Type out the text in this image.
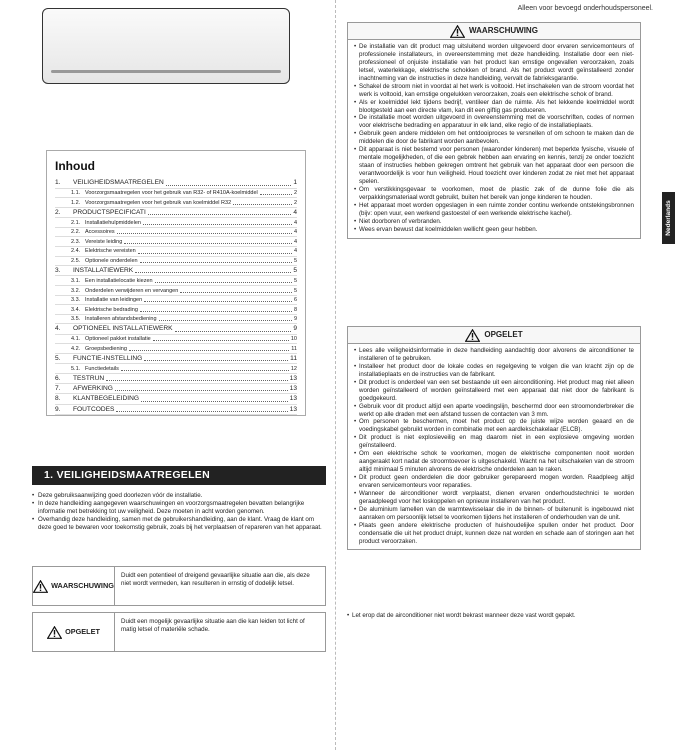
Alleen voor bevoegd onderhoudspersoneel.
Inhoud
1.	VEILIGHEIDSMAATREGELEN	1
1.1. Voorzorgsmaatregelen voor het gebruik van R32- of R410A-koelmiddel	2
1.2. Voorzorgsmaatregelen voor het gebruik van koelmiddel R32	2
2.	PRODUCTSPECIFICATI	4
2.1. Installatiehulpmiddelen	4
2.2. Accessoires	4
2.3. Vereiste leiding	4
2.4. Elektrische vereisten	4
2.5. Optionele onderdelen	5
3.	INSTALLATIEWERK	5
3.1. Een installatielocatie kiezen	5
3.2. Onderdelen verwijderen en vervangen	5
3.3. Installatie van leidingen	6
3.4. Elektrische bedrading	8
3.5. Installeren afstandsbediening	9
4.	OPTIONEEL INSTALLATIEWERK	9
4.1. Optioneel pakket installatie	10
4.2. Groepsbediening	11
5.	FUNCTIE-INSTELLING	11
5.1. Functiedetails	12
6.	TESTRUN	13
7.	AFWERKING	13
8.	KLANTBEGELEIDING	13
9.	FOUTCODES	13
1. VEILIGHEIDSMAATREGELEN
• Deze gebruiksaanwijzing goed doorlezen vóór de installatie.
• In deze handleiding aangegeven waarschuwingen en voorzorgsmaatregelen bevatten belangrijke informatie met betrekking tot uw veiligheid. Deze moeten in acht worden genomen.
• Overhandig deze handleiding, samen met de gebruikershandleiding, aan de klant. Vraag de klant om deze goed te bewaren voor toekomstig gebruik, zoals bij het verplaatsen of repareren van het apparaat.
WAARSCHUWING
Duidt een potentieel of dreigend gevaarlijke situatie aan die, als deze niet wordt vermeden, kan resulteren in ernstig of dodelijk letsel.
OPGELET
Duidt een mogelijk gevaarlijke situatie aan die kan leiden tot licht of matig letsel of materiële schade.
WAARSCHUWING
• De installatie van dit product mag uitsluitend worden uitgevoerd door ervaren servicemonteurs of professionele installateurs, in overeenstemming met deze handleiding. Installatie door een niet-professioneel of onjuiste installatie van het product kan ernstige ongevallen veroorzaken, zoals letsel, waterlekkage, elektrische schokken of brand. Als het product wordt geïnstalleerd zonder inachtneming van de instructies in deze handleiding, vervalt de fabrieksgarantie.
• Schakel de stroom niet in voordat al het werk is voltooid. Het inschakelen van de stroom voordat het werk is voltooid, kan ernstige ongelukken veroorzaken, zoals een elektrische schok of brand.
• Als er koelmiddel lekt tijdens bedrijf, ventileer dan de ruimte. Als het lekkende koelmiddel wordt blootgesteld aan een directe vlam, kan dit een giftig gas produceren.
• De installatie moet worden uitgevoerd in overeenstemming met de voorschriften, codes of normen voor elektrische bedrading en apparatuur in elk land, elke regio of de installatieplaats.
• Gebruik geen andere middelen om het ontdooiproces te versnellen of om schoon te maken dan de middelen die door de fabrikant worden aanbevolen.
• Dit apparaat is niet bestemd voor personen (waaronder kinderen) met beperkte fysische, visuele of mentale mogelijkheden, of die een gebrek hebben aan ervaring en kennis, tenzij ze onder toezicht staan of instructies hebben gekregen omtrent het gebruik van het apparaat door een persoon die verantwoordelijk is voor hun veiligheid. Houd toezicht over kinderen zodat ze niet met het apparaat spelen.
• Om verstikkingsgevaar te voorkomen, moet de plastic zak of de dunne folie die als verpakkingsmateriaal wordt gebruikt, buiten het bereik van jonge kinderen te houden.
• Het apparaat moet worden opgeslagen in een ruimte zonder continu werkende ontstekingsbronnen (bijv: open vuur, een werkend gastoestel of een werkende elektrische kachel).
• Niet doorboren of verbranden.
• Wees ervan bewust dat koelmiddelen wellicht geen geur hebben.
OPGELET
• Lees alle veiligheidsinformatie in deze handleiding aandachtig door alvorens de airconditioner te installeren of te gebruiken.
• Installeer het product door de lokale codes en regelgeving te volgen die van kracht zijn op de installatieplaats en de instructies van de fabrikant.
• Dit product is onderdeel van een set bestaande uit een airconditioning. Het product mag niet alleen worden geïnstalleerd of worden geïnstalleerd met een apparaat dat niet door de fabrikant is goedgekeurd.
• Gebruik voor dit product altijd een aparte voedingslijn, beschermd door een stroomonderbreker die werkt op alle draden met een afstand tussen de contacten van 3 mm.
• Om personen te beschermen, moet het product op de juiste wijze worden geaard en de voedingskabel gebruikt worden in combinatie met een aardlekschakelaar (ELCB).
• Dit product is niet explosieveilig en mag daarom niet in een explosieve omgeving worden geïnstalleerd.
• Om een elektrische schok te voorkomen, mogen de elektrische componenten nooit worden aangeraakt kort nadat de stroomtoevoer is uitgeschakeld. Wacht na het uitschakelen van de stroom altijd minimaal 5 minuten alvorens de elektrische onderdelen aan te raken.
• Dit product geen onderdelen die door gebruiker gerepareerd mogen worden. Raadpleeg altijd ervaren servicemonteurs voor reparaties.
• Wanneer de airconditioner wordt verplaatst, dienen ervaren onderhoudstechnici te worden geraadpleegd voor het loskoppelen en opnieuw installeren van het product.
• De aluminium lamellen van de warmtewisselaar die in de binnen- of buitenunit is ingebouwd niet aanraken om persoonlijk letsel te voorkomen tijdens het installeren of onderhouden van de unit.
• Plaats geen andere elektrische producten of huishoudelijke spullen onder het product. Door condensatie die uit het product druipt, kunnen deze nat worden en schade aan of storingen aan het product veroorzaken.
• Let erop dat de airconditioner niet wordt bekrast wanneer deze vast wordt gepakt.
Nederlands
